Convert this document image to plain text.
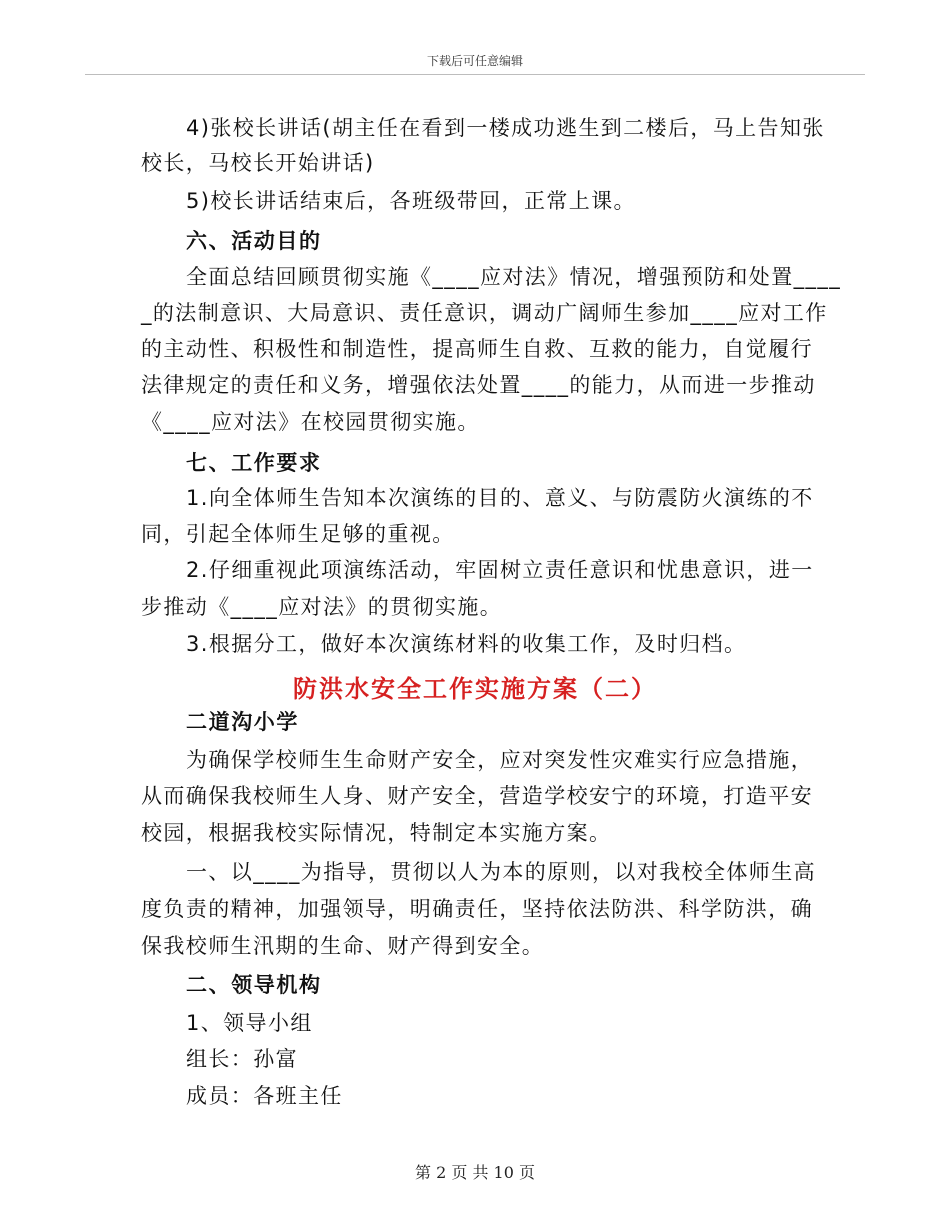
下载后可任意编辑
4)张校长讲话(胡主任在看到一楼成功逃生到二楼后，马上告知张
校长，马校长开始讲话)
5)校长讲话结束后，各班级带回，正常上课。
六、活动目的
全面总结回顾贯彻实施《____应对法》情况，增强预防和处置____
_的法制意识、大局意识、责任意识，调动广阔师生参加____应对工作
的主动性、积极性和制造性，提高师生自救、互救的能力，自觉履行
法律规定的责任和义务，增强依法处置____的能力，从而进一步推动
《____应对法》在校园贯彻实施。
七、工作要求
1.向全体师生告知本次演练的目的、意义、与防震防火演练的不
同，引起全体师生足够的重视。
2.仔细重视此项演练活动，牢固树立责任意识和忧患意识，进一
步推动《____应对法》的贯彻实施。
3.根据分工，做好本次演练材料的收集工作，及时归档。
防洪水安全工作实施方案（二）
二道沟小学
为确保学校师生生命财产安全，应对突发性灾难实行应急措施，
从而确保我校师生人身、财产安全，营造学校安宁的环境，打造平安
校园，根据我校实际情况，特制定本实施方案。
一、以____为指导，贯彻以人为本的原则，以对我校全体师生高
度负责的精神，加强领导，明确责任，坚持依法防洪、科学防洪，确
保我校师生汛期的生命、财产得到安全。
二、领导机构
1、领导小组
组长：孙富
成员：各班主任
第 2 页 共 10 页
